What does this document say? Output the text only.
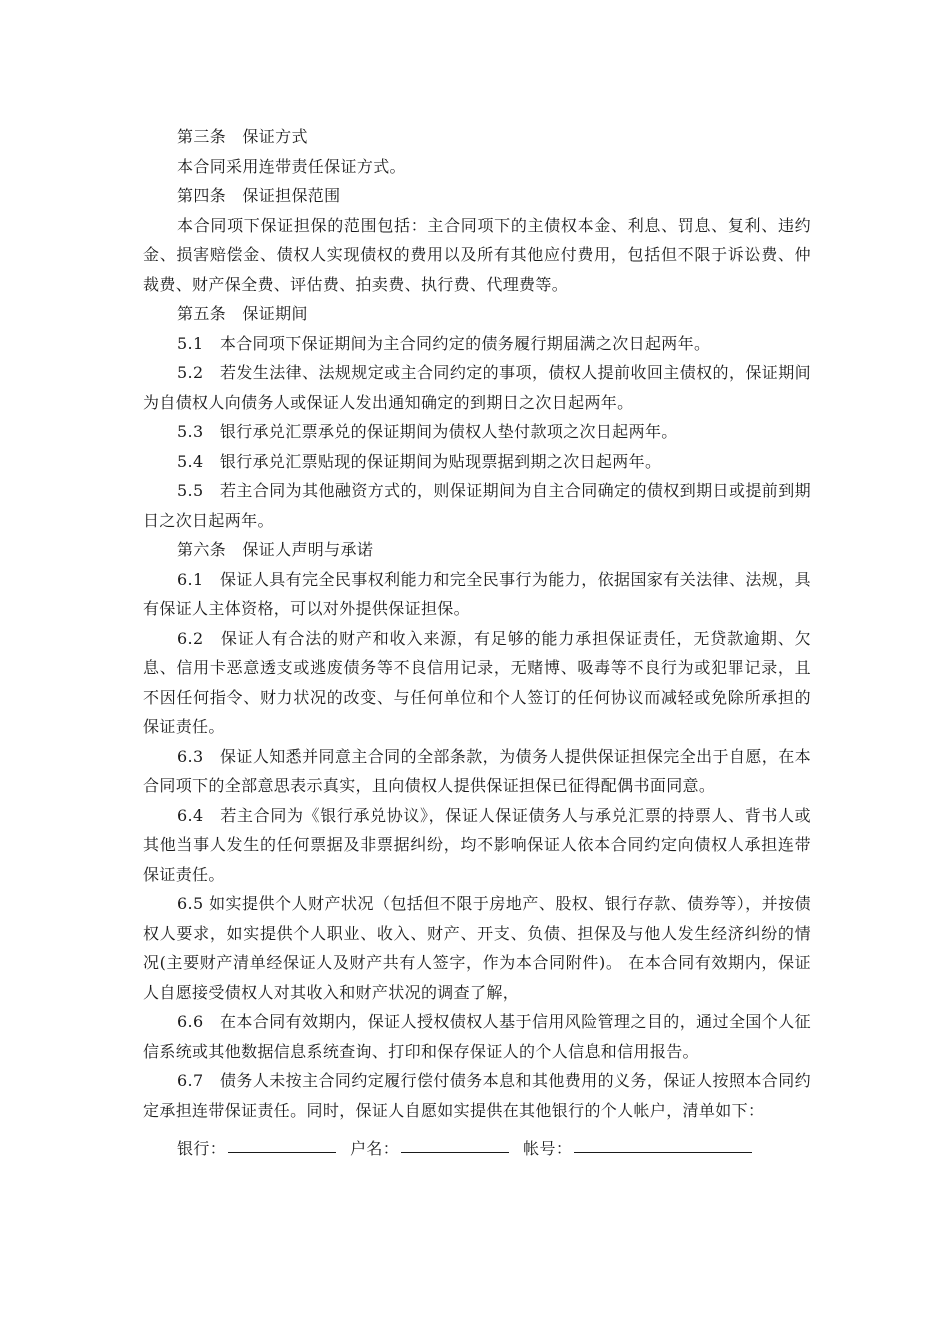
第三条　保证方式

本合同采用连带责任保证方式。

第四条　保证担保范围

本合同项下保证担保的范围包括：主合同项下的主债权本金、利息、罚息、复利、违约金、损害赔偿金、债权人实现债权的费用以及所有其他应付费用，包括但不限于诉讼费、仲裁费、财产保全费、评估费、拍卖费、执行费、代理费等。

第五条　保证期间

5.1　本合同项下保证期间为主合同约定的债务履行期届满之次日起两年。

5.2　若发生法律、法规规定或主合同约定的事项，债权人提前收回主债权的，保证期间为自债权人向债务人或保证人发出通知确定的到期日之次日起两年。

5.3　银行承兑汇票承兑的保证期间为债权人垫付款项之次日起两年。

5.4　银行承兑汇票贴现的保证期间为贴现票据到期之次日起两年。

5.5　若主合同为其他融资方式的，则保证期间为自主合同确定的债权到期日或提前到期日之次日起两年。

第六条　保证人声明与承诺

6.1　保证人具有完全民事权利能力和完全民事行为能力，依据国家有关法律、法规，具有保证人主体资格，可以对外提供保证担保。

6.2　保证人有合法的财产和收入来源，有足够的能力承担保证责任，无贷款逾期、欠息、信用卡恶意透支或逃废债务等不良信用记录，无赌博、吸毒等不良行为或犯罪记录，且不因任何指令、财力状况的改变、与任何单位和个人签订的任何协议而减轻或免除所承担的保证责任。

6.3　保证人知悉并同意主合同的全部条款，为债务人提供保证担保完全出于自愿，在本合同项下的全部意思表示真实，且向债权人提供保证担保已征得配偶书面同意。

6.4　若主合同为《银行承兑协议》，保证人保证债务人与承兑汇票的持票人、背书人或其他当事人发生的任何票据及非票据纠纷，均不影响保证人依本合同约定向债权人承担连带保证责任。

6.5 如实提供个人财产状况（包括但不限于房地产、股权、银行存款、债券等），并按债权人要求，如实提供个人职业、收入、财产、开支、负债、担保及与他人发生经济纠纷的情况(主要财产清单经保证人及财产共有人签字，作为本合同附件)。 在本合同有效期内，保证人自愿接受债权人对其收入和财产状况的调查了解，

6.6　在本合同有效期内，保证人授权债权人基于信用风险管理之目的，通过全国个人征信系统或其他数据信息系统查询、打印和保存保证人的个人信息和信用报告。

6.7　债务人未按主合同约定履行偿付债务本息和其他费用的义务，保证人按照本合同约定承担连带保证责任。同时，保证人自愿如实提供在其他银行的个人帐户，清单如下：

银行：	户名：	帐号：
